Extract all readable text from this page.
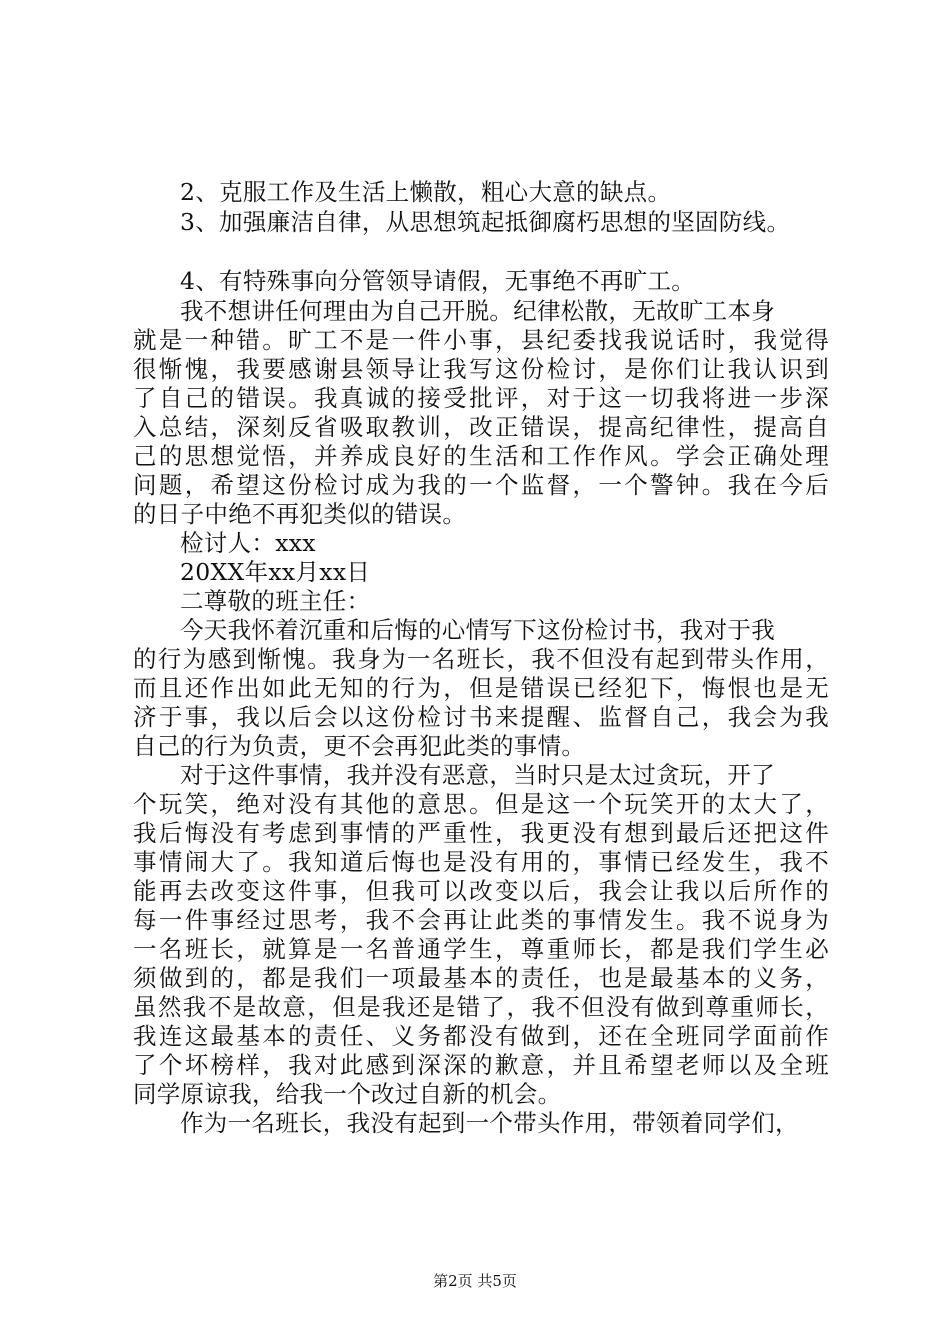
2、克服工作及生活上懒散，粗心大意的缺点。
3、加强廉洁自律，从思想筑起抵御腐朽思想的坚固防线。
4、有特殊事向分管领导请假，无事绝不再旷工。
我不想讲任何理由为自己开脱。纪律松散，无故旷工本身
就是一种错。旷工不是一件小事，县纪委找我说话时，我觉得
很惭愧，我要感谢县领导让我写这份检讨，是你们让我认识到
了自己的错误。我真诚的接受批评，对于这一切我将进一步深
入总结，深刻反省吸取教训，改正错误，提高纪律性，提高自
己的思想觉悟，并养成良好的生活和工作作风。学会正确处理
问题，希望这份检讨成为我的一个监督，一个警钟。我在今后
的日子中绝不再犯类似的错误。
检讨人：xxx
20XX年xx月xx日
二尊敬的班主任：
今天我怀着沉重和后悔的心情写下这份检讨书，我对于我
的行为感到惭愧。我身为一名班长，我不但没有起到带头作用，
而且还作出如此无知的行为，但是错误已经犯下，悔恨也是无
济于事，我以后会以这份检讨书来提醒、监督自己，我会为我
自己的行为负责，更不会再犯此类的事情。
对于这件事情，我并没有恶意，当时只是太过贪玩，开了
个玩笑，绝对没有其他的意思。但是这一个玩笑开的太大了，
我后悔没有考虑到事情的严重性，我更没有想到最后还把这件
事情闹大了。我知道后悔也是没有用的，事情已经发生，我不
能再去改变这件事，但我可以改变以后，我会让我以后所作的
每一件事经过思考，我不会再让此类的事情发生。我不说身为
一名班长，就算是一名普通学生，尊重师长，都是我们学生必
须做到的，都是我们一项最基本的责任，也是最基本的义务，
虽然我不是故意，但是我还是错了，我不但没有做到尊重师长，
我连这最基本的责任、义务都没有做到，还在全班同学面前作
了个坏榜样，我对此感到深深的歉意，并且希望老师以及全班
同学原谅我，给我一个改过自新的机会。
作为一名班长，我没有起到一个带头作用，带领着同学们，
第2页 共5页
